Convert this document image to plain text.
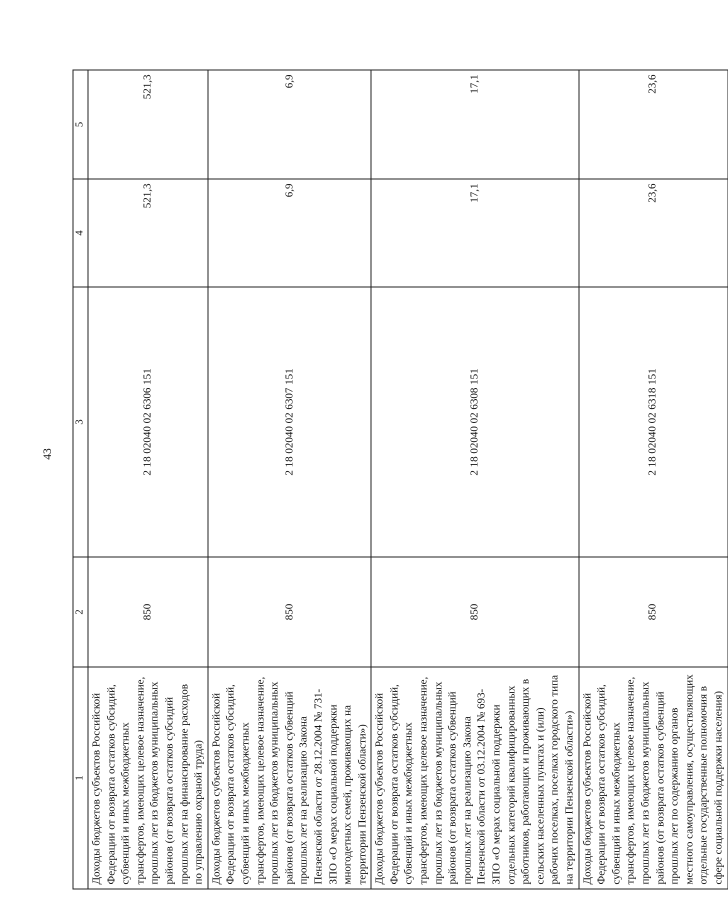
43
1	2	3	4	5
Доходы бюджетов субъектов Российской Федерации от возврата остатков субсидий, субвенций и иных межбюджетных трансфертов, имеющих целевое назначение, прошлых лет из бюджетов муниципальных районов (от возврата остатков субсидий прошлых лет на финансирование расходов по управлению охраной труда)	850	2 18 02040 02 6306 151	521,3	521,3
Доходы бюджетов субъектов Российской Федерации от возврата остатков субсидий, субвенций и иных межбюджетных трансфертов, имеющих целевое назначение, прошлых лет из бюджетов муниципальных районов (от возврата остатков субвенций прошлых лет на реализацию Закона Пензенской области от 28.12.2004 № 731-ЗПО «О мерах социальной поддержки многодетных семей, проживающих на территории Пензенской области»)	850	2 18 02040 02 6307 151	6,9	6,9
Доходы бюджетов субъектов Российской Федерации от возврата остатков субсидий, субвенций и иных межбюджетных трансфертов, имеющих целевое назначение, прошлых лет из бюджетов муниципальных районов (от возврата остатков субвенций прошлых лет на реализацию Закона Пензенской области от 03.12.2004 № 693-ЗПО «О мерах социальной поддержки отдельных категорий квалифицированных работников, работающих и проживающих в сельских населенных пунктах и (или) рабочих поселках, поселках городского типа на территории Пензенской области»)	850	2 18 02040 02 6308 151	17,1	17,1
Доходы бюджетов субъектов Российской Федерации от возврата остатков субсидий, субвенций и иных межбюджетных трансфертов, имеющих целевое назначение, прошлых лет из бюджетов муниципальных районов (от возврата остатков субвенций прошлых лет по содержанию органов местного самоуправления, осуществляющих отдельные государственные полномочия в сфере социальной поддержки населения)	850	2 18 02040 02 6318 151	23,6	23,6
